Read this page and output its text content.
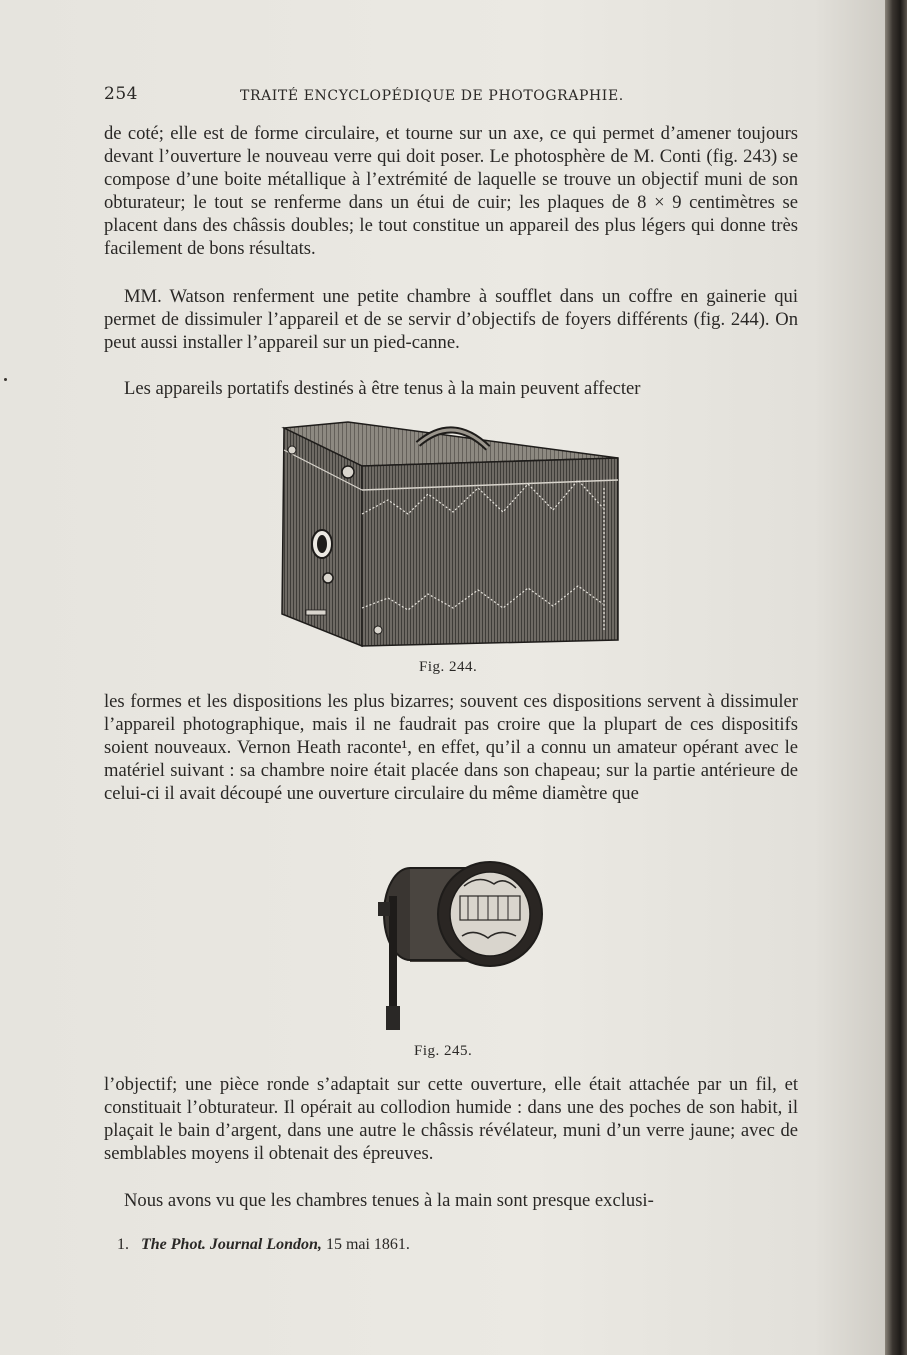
254	TRAITÉ ENCYCLOPÉDIQUE DE PHOTOGRAPHIE.

de coté; elle est de forme circulaire, et tourne sur un axe, ce qui permet d’amener toujours devant l’ouverture le nouveau verre qui doit poser. Le photosphère de M. Conti (fig. 243) se compose d’une boite métallique à l’extrémité de laquelle se trouve un objectif muni de son obturateur; le tout se renferme dans un étui de cuir; les plaques de 8 × 9 centimètres se placent dans des châssis doubles; le tout constitue un appareil des plus légers qui donne très facilement de bons résultats.

MM. Watson renferment une petite chambre à soufflet dans un coffre en gainerie qui permet de dissimuler l’appareil et de se servir d’objectifs de foyers différents (fig. 244). On peut aussi installer l’appareil sur un pied-canne.

Les appareils portatifs destinés à être tenus à la main peuvent affecter

Fig. 244.

les formes et les dispositions les plus bizarres; souvent ces dispositions servent à dissimuler l’appareil photographique, mais il ne faudrait pas croire que la plupart de ces dispositifs soient nouveaux. Vernon Heath raconte¹, en effet, qu’il a connu un amateur opérant avec le matériel suivant : sa chambre noire était placée dans son chapeau; sur la partie antérieure de celui-ci il avait découpé une ouverture circulaire du même diamètre que

Fig. 245.

l’objectif; une pièce ronde s’adaptait sur cette ouverture, elle était attachée par un fil, et constituait l’obturateur. Il opérait au collodion humide : dans une des poches de son habit, il plaçait le bain d’argent, dans une autre le châssis révélateur, muni d’un verre jaune; avec de semblables moyens il obtenait des épreuves.

Nous avons vu que les chambres tenues à la main sont presque exclusi-

1. The Phot. Journal London, 15 mai 1861.
